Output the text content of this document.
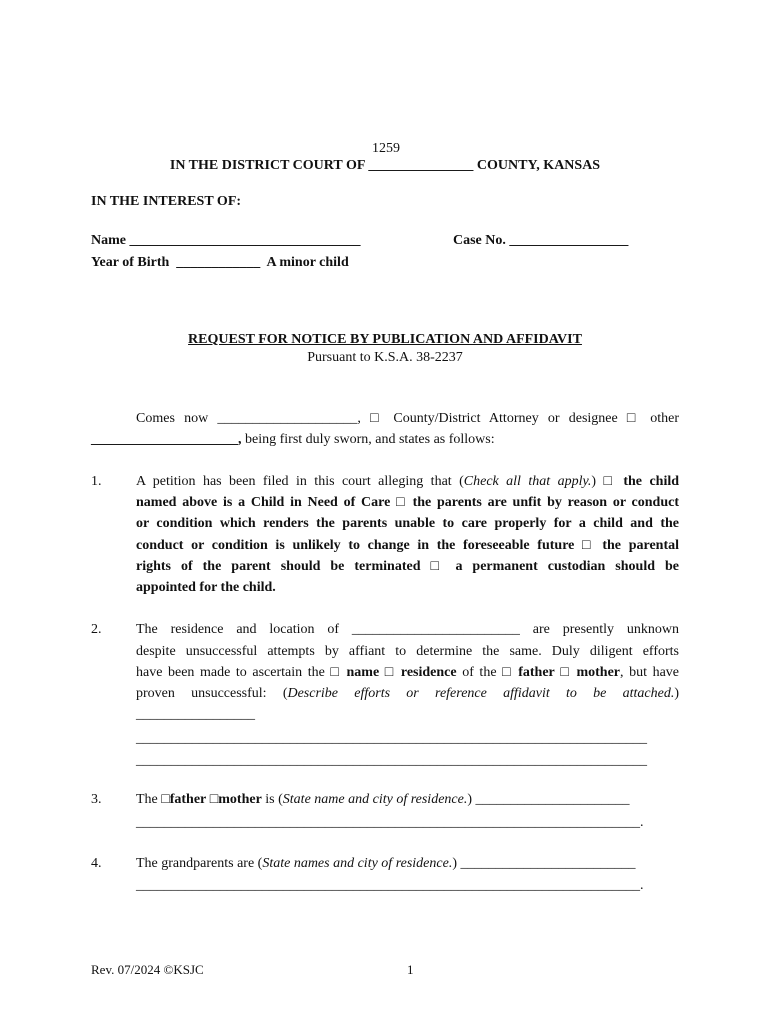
1259
IN THE DISTRICT COURT OF _______________ COUNTY, KANSAS
IN THE INTEREST OF:
Name _________________________________	Case No. _________________
Year of Birth ____________ A minor child
REQUEST FOR NOTICE BY PUBLICATION AND AFFIDAVIT
Pursuant to K.S.A. 38-2237
Comes now ____________________, □ County/District Attorney or designee □ other
_____________________, being first duly sworn, and states as follows:
1. A petition has been filed in this court alleging that (Check all that apply.) □ the child
named above is a Child in Need of Care □ the parents are unfit by reason or conduct
or condition which renders the parents unable to care properly for a child and the
conduct or condition is unlikely to change in the foreseeable future □ the parental
rights of the parent should be terminated □ a permanent custodian should be
appointed for the child.
2. The residence and location of ________________________ are presently unknown
despite unsuccessful attempts by affiant to determine the same. Duly diligent efforts
have been made to ascertain the □ name □ residence of the □ father □ mother, but have
proven unsuccessful: (Describe efforts or reference affidavit to be attached.)
_________________
_________________________________________________________________________
_________________________________________________________________________
3. The □father □mother is (State name and city of residence.) ______________________
________________________________________________________________________.
4. The grandparents are (State names and city of residence.) _________________________
________________________________________________________________________.
Rev. 07/2024 ©KSJC	1
